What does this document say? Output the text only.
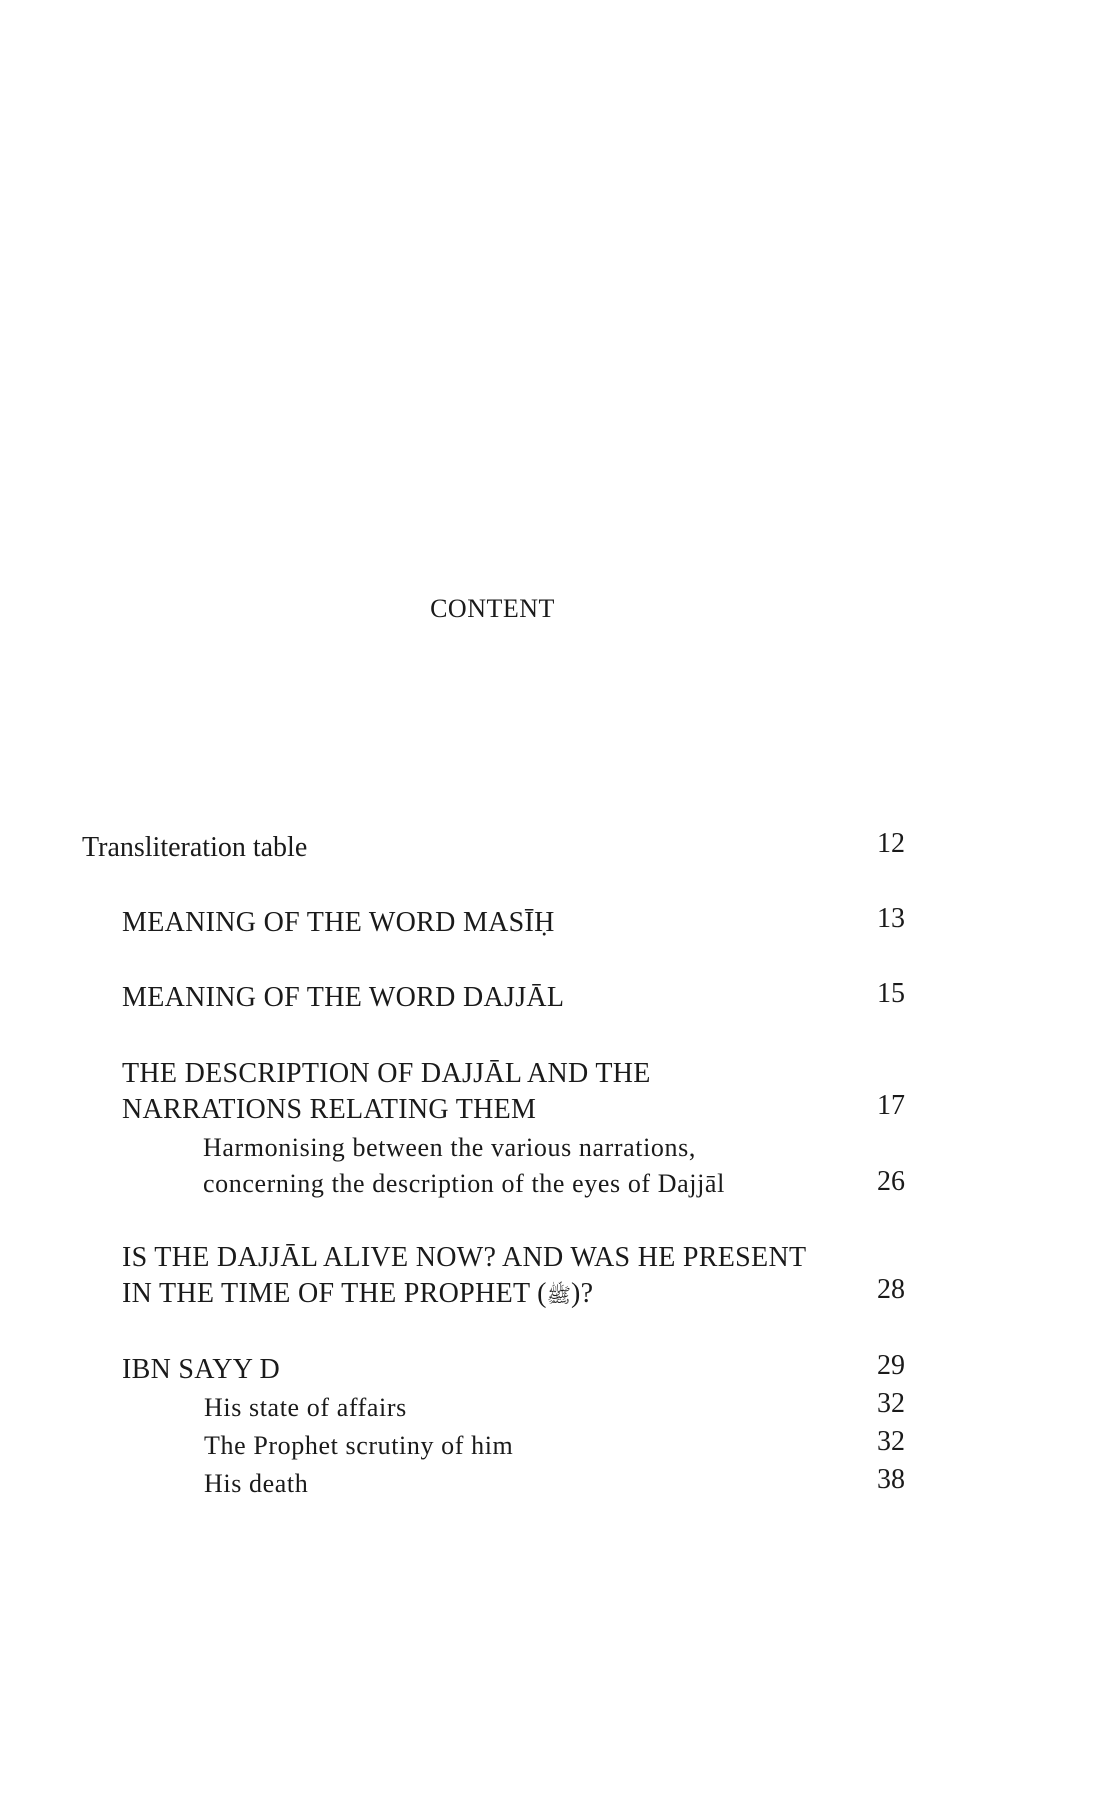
CONTENT
Transliteration table	12
MEANING OF THE WORD MASĪḤ	13
MEANING OF THE WORD DAJJĀL	15
THE DESCRIPTION OF DAJJĀL AND THE
NARRATIONS RELATING THEM	17
Harmonising between the various narrations,
concerning the description of the eyes of Dajjāl	26
IS THE DAJJĀL ALIVE NOW? AND WAS HE PRESENT
IN THE TIME OF THE PROPHET (ﷺ)?	28
IBN SAYY D	29
His state of affairs	32
The Prophet scrutiny of him	32
His death	38
